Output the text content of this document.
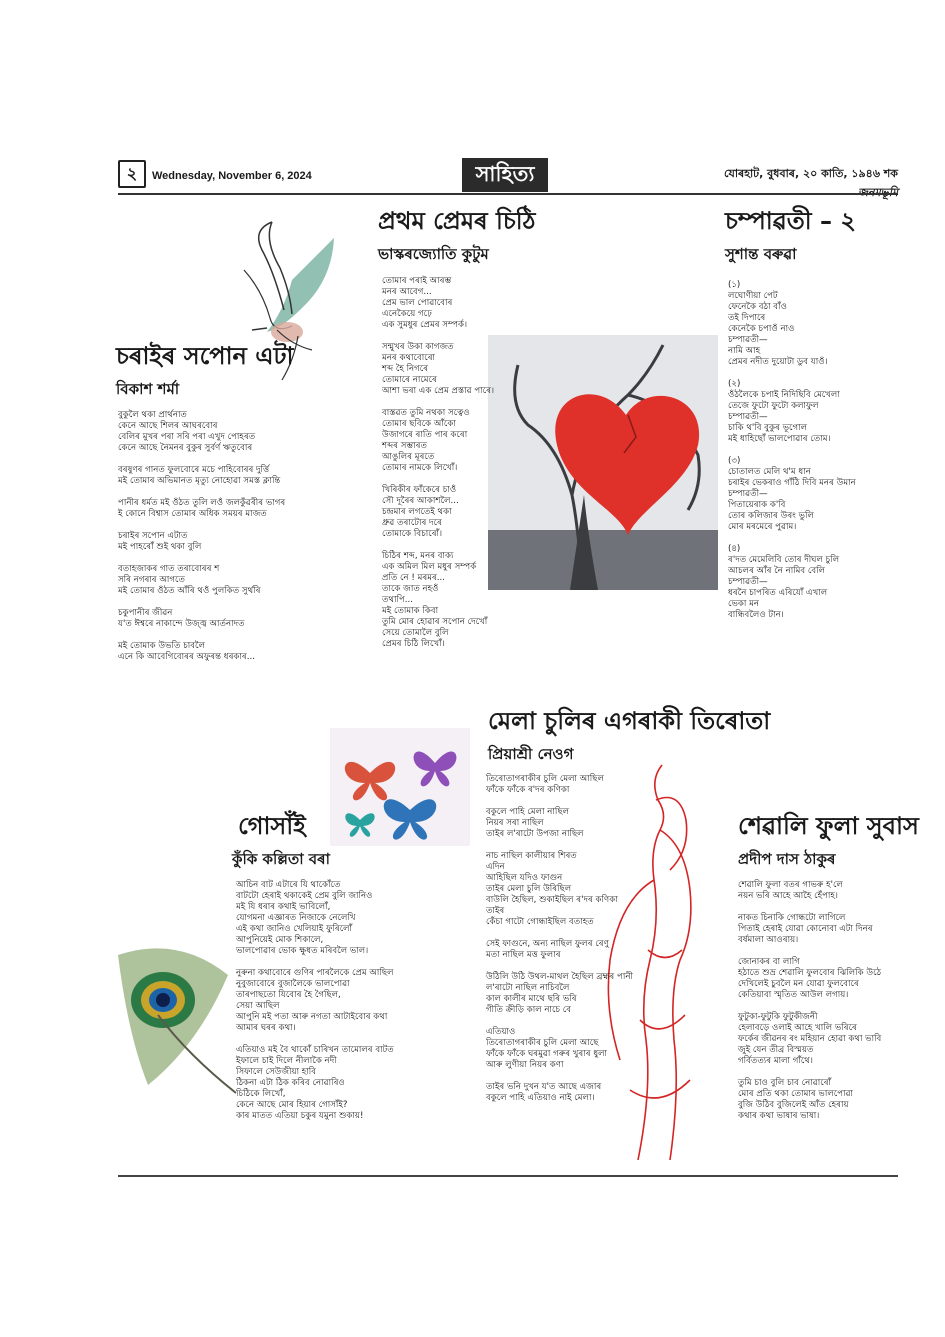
২	Wednesday, November 6, 2024	সাহিত্য	যোৰহাট, বুধবাৰ, ২০ কাতি, ১৯৪৬ শক
প্ৰথম প্ৰেমৰ চিঠি
ভাস্কৰজ্যোতি কুটুম
তোমাৰ পৰাই আৰম্ভ
মনৰ আবেগ...
প্ৰেম ভাল পোৱাবোৰ
এনেকৈয়ে গঢ়ে
এক সুমধুৰ প্ৰেমৰ সম্পৰ্ক।
সন্মুখৰ উকা কাগজত
মনৰ কথাবোৰো
শব্দ হৈ নিগৰে
তোমাৰে নামেৰে
আশা ভৰা এক প্ৰেম প্ৰস্তাৱ পাৰে।
বাস্তৱত তুমি নথকা সত্বেও
তোমাৰ ছবিকে আঁকো
উজাগৰে ৰাতি পাৰ কৰো
শব্দৰ সম্ভাৰত
আঙুলিৰ মূৰতে
তোমাৰ নামকে লিখোঁ।
খিৰিকীৰ ফাঁকেৰে চাওঁ
সৌ দূৰৈৰ আকাশলৈ...
চন্দ্ৰমাৰ লগতেই থকা
ধ্ৰুৱ তৰাটোৰ দৰে
তোমাকে বিচাৰোঁ।
চিঠিৰ শব্দ, মনৰ বাক্য
এক অমিল মিল মধুৰ সম্পৰ্ক
প্ৰতি নে ! মৰমৰ...
তাকে জাত নহওঁ
তথাপি...
মই তোমাক কিবা
তুমি মোৰ হোৱাৰ সপোন দেখোঁ
সেয়ে তোমালৈ বুলি
প্ৰেমৰ চিঠি লিখোঁ।
চম্পাৱতী – ২
সুশান্ত বৰুৱা
(১)
লঘোণীয়া পেট
ফেনেকৈ বঠা বাঁও
তই দিপাৰে
কেনেকৈ চপাওঁ নাও
চম্পাৱতী—
নামি আহ
প্ৰেমৰ নদীত দুয়োটা ডুব যাওঁ।
(২)
ওঁঠলৈকে চপাই নিদিছিবি মেখেলা
তেজে ফুটো ফুটো কলাফুল
চম্পাৱতী—
চাকি থ'বি বুকুৰ ভূগোল
মই ধাহিছোঁ ভালপোৱাৰ তোম।
(৩)
চোতালত মেলি থ'ম ধান
চৰাইৰ ভেকৰাও গাঁঠি দিবি মনৰ উমান
চম্পাৱতী—
পিতায়েৰাক ক'বি
তোৰ কলিজাৰ উৰং ভুলি
মোৰ মৰমেৰে পুৱাম।
(৪)
ৰ'দত মেমেলিবি তোৰ দীঘল চুলি
আচলৰ আঁৰ নৈ নামিব বেলি
চম্পাৱতী—
ধৰনৈ চাপৰিত এৰিযোঁ এখাল
ভেকা মন
বান্ধিবলৈও টান।
চৰাইৰ সপোন এটা
বিকাশ শৰ্মা
বুকুলৈ থকা প্ৰাৰ্থনাত
কেনে আছে শিলৰ আঘৰবোৰ
বেলিৰ মুখৰ পৰা সৰি পৰা এখুদ পোহৰত
কেনে আছে নৈমনৰ বুকুৰ সুৰ্বৰ্ণ ঋতুবোৰ
বৰষুণৰ গানত ফুলবোৰে মচে পাহিবোৰৰ দুৰ্ত্তি
মই তোমাৰ অভিমানত মৃত্যু নোহোৱা সমস্ত ক্লান্তি
পানীৰ ধৰ্মত মই ওঁঠত তুলি লওঁ জলকুঁৱৰীৰ ভাগৰ
ই কোনে বিশ্বাস তোমাৰ অধিক সময়ৰ মাজত
চৰাইৰ সপোন এটাত
মই পাহৰোঁ শুই থকা বুলি
বতাহজাকৰ গাত তৰাবোৰৰ শ
সৰি নগৰাৰ আগতে
মই তোমাৰ ওঁঠত আঁৰি থওঁ পুলকিত সুৰ্থৰি
চকুপানীৰ জীৱন
য'ত ঈশ্বৰে নাকান্দে উজ্জ্ব আৰ্তনাদত
মই তোমাক উভতি চাবলৈ
এনে কি আবেগিবোৰৰ অফুৰন্ত ধৰকাৰ...
মেলা চুলিৰ এগৰাকী তিৰোতা
প্ৰিয়াশ্ৰী নেওগ
তিৰোতাগৰাকীৰ চুলি মেলা আছিল
ফাঁকে ফাঁকে ৰ'দৰ কণিকা
বকুলে পাহি মেলা নাছিল
নিয়ৰ সৰা নাছিল
তাইৰ ল'ৰাটো উপজা নাছিল
নাচ নাছিল কালীয়াৰ শিৰত
এদিন
আহিছিল যদিও ফাগুন
তাইৰ মেলা চুলি উৰিছিল
বাউলি হৈছিল, শুকাইছিল ৰ'দৰ কণিকা
তাইৰ
কেঁচা গাটো গোন্ধাইছিল বতাহত
সেই ফাগুনে, অন্য নাছিল ফুলৰ ৰেণু
মতা নাছিল মত্ত ফুলাৰ
উঠিলি উঠি উথল-মাথল হৈছিল ব্ৰহ্মৰ পানী
ল'ৰাটো নাছিল নাচিবলৈ
কাল কালীৰ মাথে ছৰি ভৰি
গীতি ক্ৰীড়ি কাল নাচে বে
এতিয়াও
তিৰোতাগৰাকীৰ চুলি মেলা আছে
ফাঁকে ফাঁকে ঘৰমুৱা গৰুৰ খুৰাৰ ধুলা
আৰু লুণীয়া নিয়ৰ কণা
তাইৰ ভনি দুখন য'ত আছে এজাৰ
বকুলে পাহি এতিয়াও নাই মেলা।
গোসাঁই
কুঁকি কল্লিতা বৰা
আচিন বাট এটাৰে যি থাকোঁতে
বাটটো হেৰাই থকাকেই প্ৰেম বুলি জানিও
মই যি ধৰাৰ কথাই ভাবিলোঁ,
যোগমনা এজ্ঞাৰত নিজাকে নেলেখি
এই কথা জানিও খেলিয়াই ফুৰিলোঁ
আপুনিয়েই মোক শিকালে,
ভালপোৱাৰ ভোক ক্ষুধত মৰিবলৈ ভাল।
নুৰুনা কথাবোৰে গুণিৰ পাৰলৈকে প্ৰেম আছিল
নুবুজাবোৰে বুজালৈকে ভালপোৱা
তাৰপাছতো যিবোৰ হৈ গৈছিল,
সেয়া আছিল
আপুনি মই পতা আৰু নগতা আটাইবোৰ কথা
আমাৰ ঘৰৰ কথা।
এতিয়াও মই বৈ থাকোঁ চাৰিখন তামোলৰ বাটত
ইফালে চাই দিলে নীলাকৈ নদী
সিফালে সেউজীয়া হাবি
ঠিকনা এটা ঠিক কৰিব নোৱাৰিও
চিঠিকে লিখোঁ,
কেনে আছে মোৰ হিয়াৰ গোসাঁই?
কাৰ মাতত এতিয়া চকুৰ যমুনা শুকায়!
শেৱালি ফুলা সুবাস
প্ৰদীপ দাস ঠাকুৰ
শেৱালি ফুলা বতৰ গাভৰু হ'লে
নয়ন ভৰি আহে আহৈ হেঁপাহ।
নাকত চিনাকি গোন্ধটো লাগিলে
পিতাই হেৰাই যোৱা কোনোবা এটা দিনৰ
বৰ্ষমালা আওৰায়।
জোনাকৰ বা লাগি
হঠাতে শুভ্ৰ শেৱালি ফুলবোৰ ঝিলিকি উঠে
দেখিলেই চুবলৈ মন যোৱা ফুলবোৰে
কেতিয়াবা স্মৃতিত আউল লগায়।
ফুটুকা-ফুটুকি ফুটুকীজনী
হেলাবড়ে ওলাই আহে খালি ভৰিৰে
ফৰ্কেৰ জীৱনৰ ৰং মহিয়ান হোৱা কথা ভাবি
জুই যেন তীব্ৰ বিস্ময়ত
গৰ্বিতত্যৰ মালা গাঁথে।
তুমি চাও বুলি চাব নোৱাৰোঁ
মোৰ প্ৰতি থকা তোমাৰ ভালপোৱা
বুজি উঠিব বুজিলেই আঁত হেৰায়
কথাৰ কথা ভাষাৰ ভাষা।
